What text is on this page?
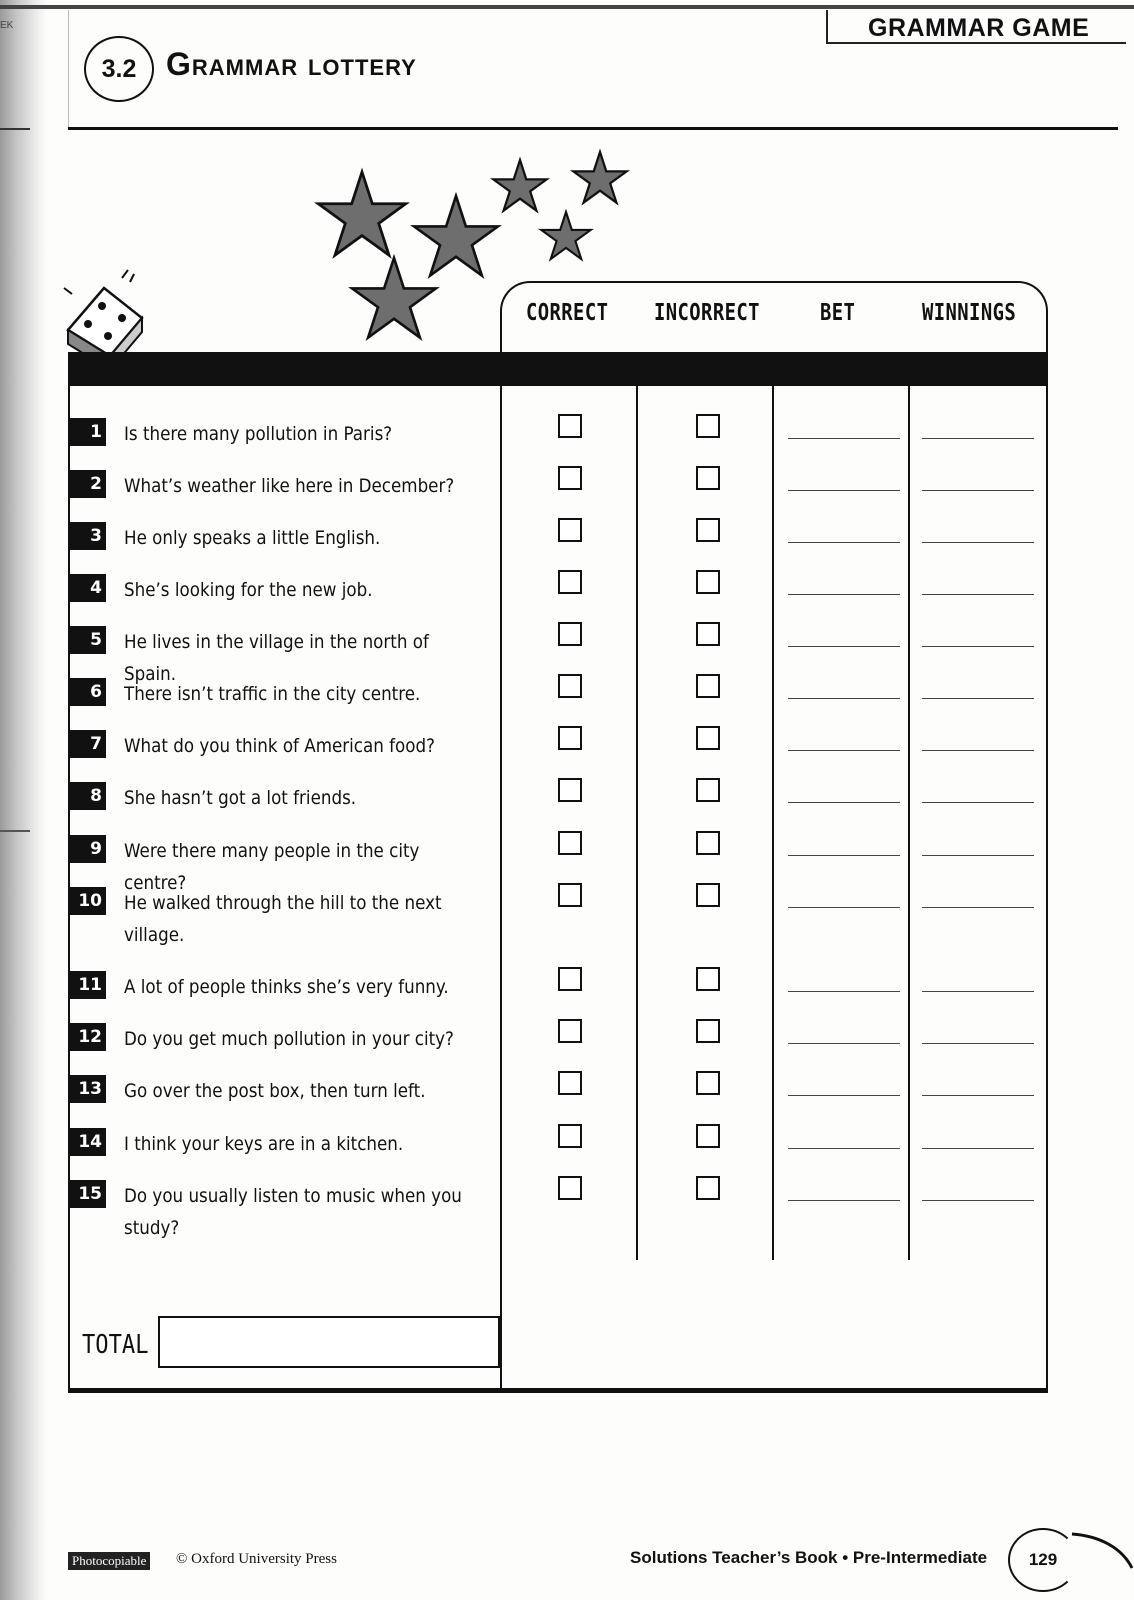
EK	GRAMMAR GAME
3.2 Grammar lottery
CORRECT INCORRECT	BET	WINNINGS
1 Is there many pollution in Paris?
2 What’s weather like here in December?
3 He only speaks a little English.
4 She’s looking for the new job.
5 He lives in the village in the north of Spain.
6 There isn’t traffic in the city centre.
7 What do you think of American food?
8 She hasn’t got a lot friends.
9 Were there many people in the city centre?
10 He walked through the hill to the next village.
11 A lot of people thinks she’s very funny.
12 Do you get much pollution in your city?
13 Go over the post box, then turn left.
14 I think your keys are in a kitchen.
15 Do you usually listen to music when you study?
TOTAL
Photocopiable © Oxford University Press	Solutions Teacher’s Book • Pre-Intermediate	129
